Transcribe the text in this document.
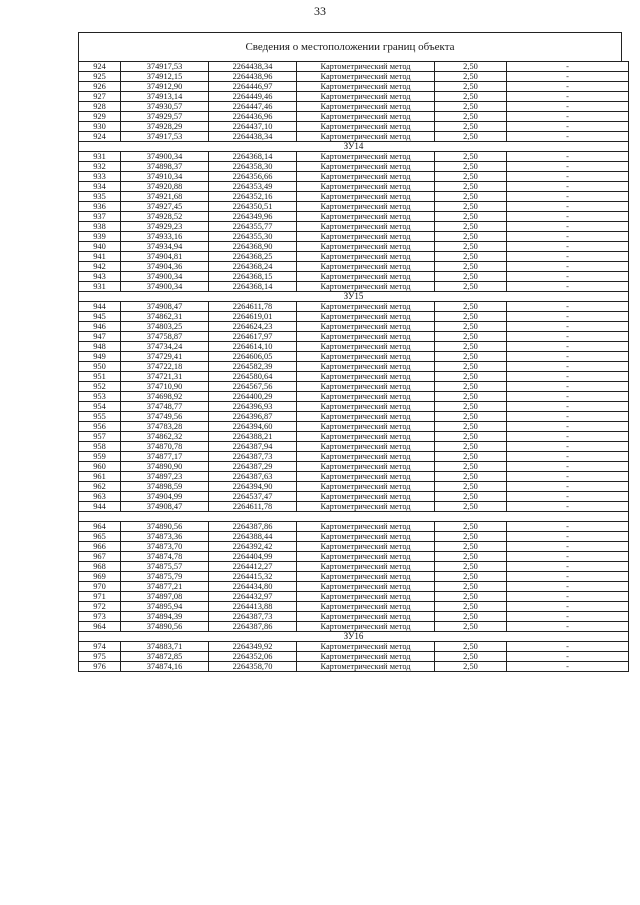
33
Сведения о местоположении границ объекта
924	374917,53	2264438,34	Картометрический метод	2,50	-
925	374912,15	2264438,96	Картометрический метод	2,50	-
926	374912,90	2264446,97	Картометрический метод	2,50	-
927	374913,14	2264449,46	Картометрический метод	2,50	-
928	374930,57	2264447,46	Картометрический метод	2,50	-
929	374929,57	2264436,96	Картометрический метод	2,50	-
930	374928,29	2264437,10	Картометрический метод	2,50	-
924	374917,53	2264438,34	Картометрический метод	2,50	-
ЗУ14					
931	374900,34	2264368,14	Картометрический метод	2,50	-
932	374898,37	2264358,30	Картометрический метод	2,50	-
933	374910,34	2264356,66	Картометрический метод	2,50	-
934	374920,88	2264353,49	Картометрический метод	2,50	-
935	374921,68	2264352,16	Картометрический метод	2,50	-
936	374927,45	2264350,51	Картометрический метод	2,50	-
937	374928,52	2264349,96	Картометрический метод	2,50	-
938	374929,23	2264355,77	Картометрический метод	2,50	-
939	374933,16	2264355,30	Картометрический метод	2,50	-
940	374934,94	2264368,90	Картометрический метод	2,50	-
941	374904,81	2264368,25	Картометрический метод	2,50	-
942	374904,36	2264368,24	Картометрический метод	2,50	-
943	374900,34	2264368,15	Картометрический метод	2,50	-
931	374900,34	2264368,14	Картометрический метод	2,50	-
ЗУ15					
944	374908,47	2264611,78	Картометрический метод	2,50	-
945	374862,31	2264619,01	Картометрический метод	2,50	-
946	374803,25	2264624,23	Картометрический метод	2,50	-
947	374758,87	2264617,97	Картометрический метод	2,50	-
948	374734,24	2264614,10	Картометрический метод	2,50	-
949	374729,41	2264606,05	Картометрический метод	2,50	-
950	374722,18	2264582,39	Картометрический метод	2,50	-
951	374721,31	2264580,64	Картометрический метод	2,50	-
952	374710,90	2264567,56	Картометрический метод	2,50	-
953	374698,92	2264400,29	Картометрический метод	2,50	-
954	374748,77	2264396,93	Картометрический метод	2,50	-
955	374749,56	2264396,87	Картометрический метод	2,50	-
956	374783,28	2264394,60	Картометрический метод	2,50	-
957	374862,32	2264388,21	Картометрический метод	2,50	-
958	374870,78	2264387,94	Картометрический метод	2,50	-
959	374877,17	2264387,73	Картометрический метод	2,50	-
960	374890,90	2264387,29	Картометрический метод	2,50	-
961	374897,23	2264387,63	Картометрический метод	2,50	-
962	374898,59	2264394,90	Картометрический метод	2,50	-
963	374904,99	2264537,47	Картометрический метод	2,50	-
944	374908,47	2264611,78	Картометрический метод	2,50	-

964	374890,56	2264387,86	Картометрический метод	2,50	-
965	374873,36	2264388,44	Картометрический метод	2,50	-
966	374873,70	2264392,42	Картометрический метод	2,50	-
967	374874,78	2264404,99	Картометрический метод	2,50	-
968	374875,57	2264412,27	Картометрический метод	2,50	-
969	374875,79	2264415,32	Картометрический метод	2,50	-
970	374877,21	2264434,80	Картометрический метод	2,50	-
971	374897,08	2264432,97	Картометрический метод	2,50	-
972	374895,94	2264413,88	Картометрический метод	2,50	-
973	374894,39	2264387,73	Картометрический метод	2,50	-
964	374890,56	2264387,86	Картометрический метод	2,50	-
ЗУ16					
974	374883,71	2264349,92	Картометрический метод	2,50	-
975	374872,85	2264352,06	Картометрический метод	2,50	-
976	374874,16	2264358,70	Картометрический метод	2,50	-
